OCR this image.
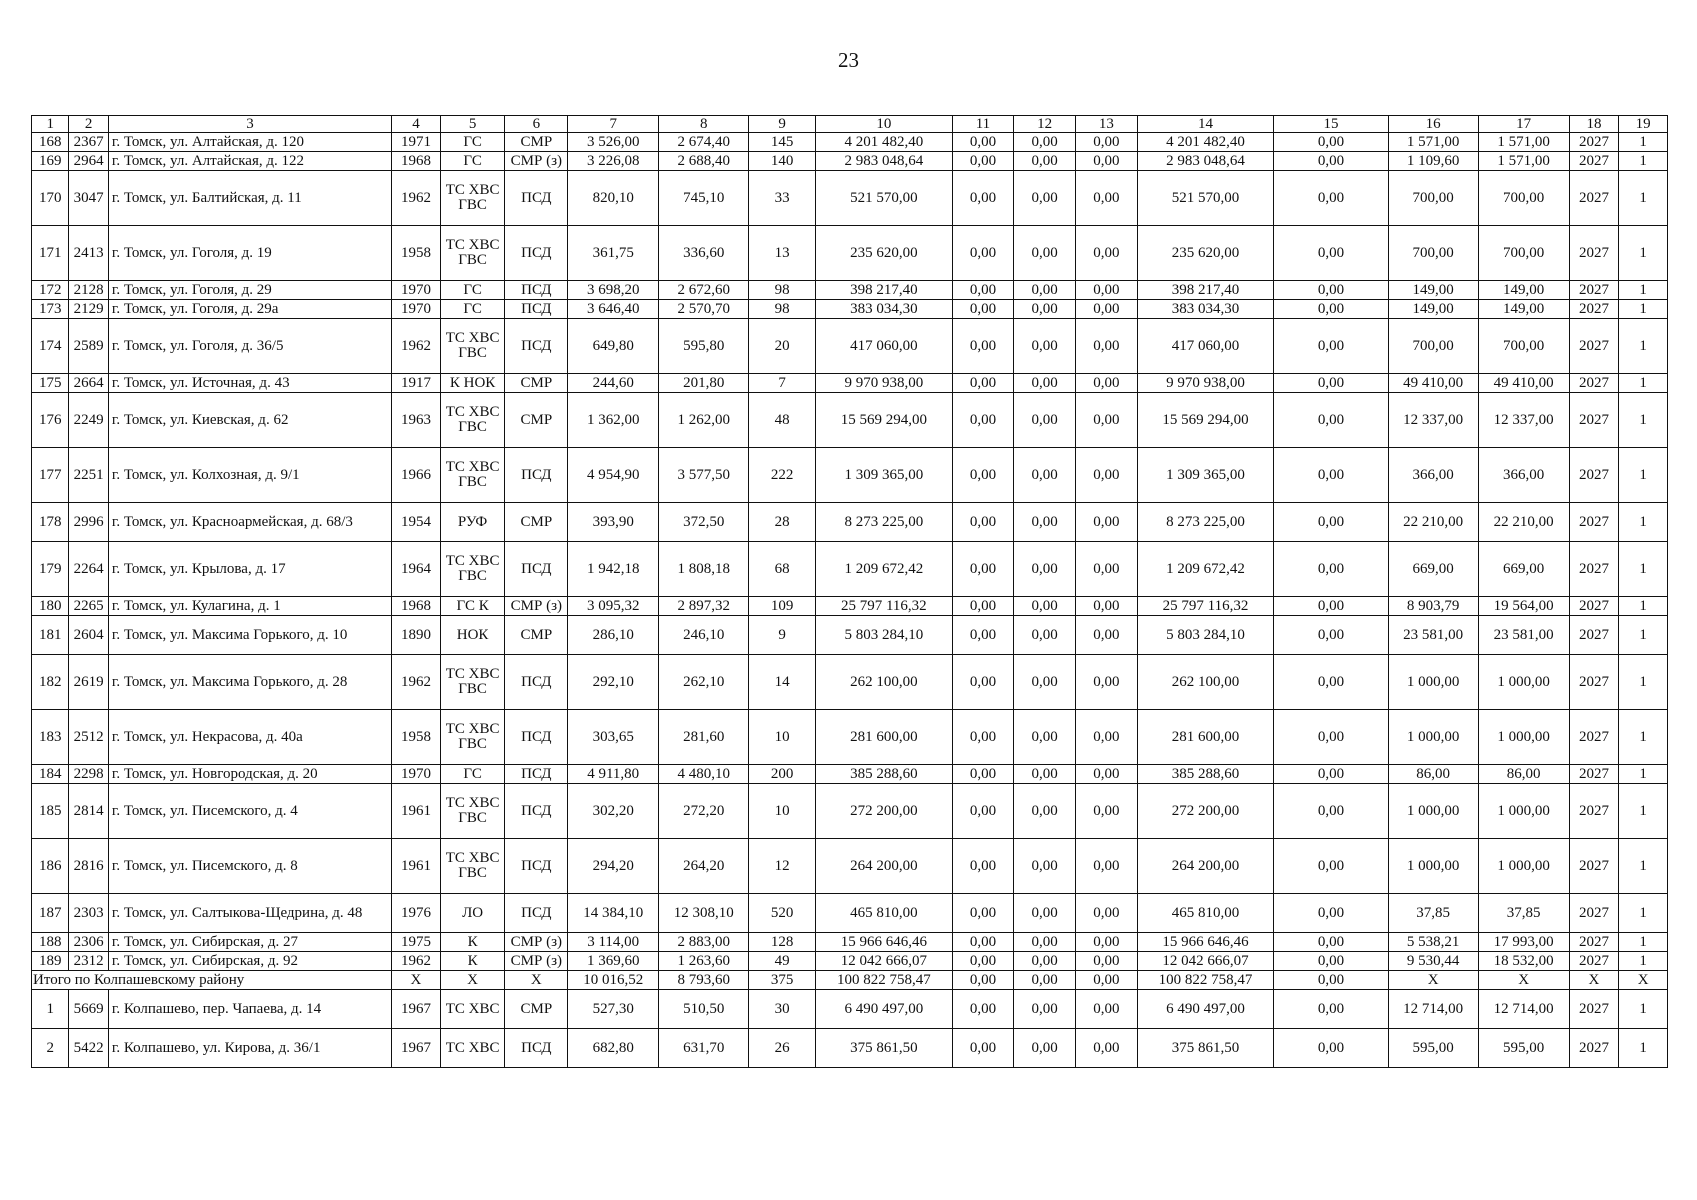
23
1	2	3	4	5	6	7	8	9	10	11	12	13	14	15	16	17	18	19
168	2367	г. Томск, ул. Алтайская, д. 120	1971	ГС	СМР	3 526,00	2 674,40	145	4 201 482,40	0,00	0,00	0,00	4 201 482,40	0,00	1 571,00	1 571,00	2027	1
169	2964	г. Томск, ул. Алтайская, д. 122	1968	ГС	СМР (з)	3 226,08	2 688,40	140	2 983 048,64	0,00	0,00	0,00	2 983 048,64	0,00	1 109,60	1 571,00	2027	1
170	3047	г. Томск, ул. Балтийская, д. 11	1962	ТС ХВС ГВС	ПСД	820,10	745,10	33	521 570,00	0,00	0,00	0,00	521 570,00	0,00	700,00	700,00	2027	1
171	2413	г. Томск, ул. Гоголя, д. 19	1958	ТС ХВС ГВС	ПСД	361,75	336,60	13	235 620,00	0,00	0,00	0,00	235 620,00	0,00	700,00	700,00	2027	1
172	2128	г. Томск, ул. Гоголя, д. 29	1970	ГС	ПСД	3 698,20	2 672,60	98	398 217,40	0,00	0,00	0,00	398 217,40	0,00	149,00	149,00	2027	1
173	2129	г. Томск, ул. Гоголя, д. 29а	1970	ГС	ПСД	3 646,40	2 570,70	98	383 034,30	0,00	0,00	0,00	383 034,30	0,00	149,00	149,00	2027	1
174	2589	г. Томск, ул. Гоголя, д. 36/5	1962	ТС ХВС ГВС	ПСД	649,80	595,80	20	417 060,00	0,00	0,00	0,00	417 060,00	0,00	700,00	700,00	2027	1
175	2664	г. Томск, ул. Источная, д. 43	1917	К НОК	СМР	244,60	201,80	7	9 970 938,00	0,00	0,00	0,00	9 970 938,00	0,00	49 410,00	49 410,00	2027	1
176	2249	г. Томск, ул. Киевская, д. 62	1963	ТС ХВС ГВС	СМР	1 362,00	1 262,00	48	15 569 294,00	0,00	0,00	0,00	15 569 294,00	0,00	12 337,00	12 337,00	2027	1
177	2251	г. Томск, ул. Колхозная, д. 9/1	1966	ТС ХВС ГВС	ПСД	4 954,90	3 577,50	222	1 309 365,00	0,00	0,00	0,00	1 309 365,00	0,00	366,00	366,00	2027	1
178	2996	г. Томск, ул. Красноармейская, д. 68/3	1954	РУФ	СМР	393,90	372,50	28	8 273 225,00	0,00	0,00	0,00	8 273 225,00	0,00	22 210,00	22 210,00	2027	1
179	2264	г. Томск, ул. Крылова, д. 17	1964	ТС ХВС ГВС	ПСД	1 942,18	1 808,18	68	1 209 672,42	0,00	0,00	0,00	1 209 672,42	0,00	669,00	669,00	2027	1
180	2265	г. Томск, ул. Кулагина, д. 1	1968	ГС К	СМР (з)	3 095,32	2 897,32	109	25 797 116,32	0,00	0,00	0,00	25 797 116,32	0,00	8 903,79	19 564,00	2027	1
181	2604	г. Томск, ул. Максима Горького, д. 10	1890	НОК	СМР	286,10	246,10	9	5 803 284,10	0,00	0,00	0,00	5 803 284,10	0,00	23 581,00	23 581,00	2027	1
182	2619	г. Томск, ул. Максима Горького, д. 28	1962	ТС ХВС ГВС	ПСД	292,10	262,10	14	262 100,00	0,00	0,00	0,00	262 100,00	0,00	1 000,00	1 000,00	2027	1
183	2512	г. Томск, ул. Некрасова, д. 40а	1958	ТС ХВС ГВС	ПСД	303,65	281,60	10	281 600,00	0,00	0,00	0,00	281 600,00	0,00	1 000,00	1 000,00	2027	1
184	2298	г. Томск, ул. Новгородская, д. 20	1970	ГС	ПСД	4 911,80	4 480,10	200	385 288,60	0,00	0,00	0,00	385 288,60	0,00	86,00	86,00	2027	1
185	2814	г. Томск, ул. Писемского, д. 4	1961	ТС ХВС ГВС	ПСД	302,20	272,20	10	272 200,00	0,00	0,00	0,00	272 200,00	0,00	1 000,00	1 000,00	2027	1
186	2816	г. Томск, ул. Писемского, д. 8	1961	ТС ХВС ГВС	ПСД	294,20	264,20	12	264 200,00	0,00	0,00	0,00	264 200,00	0,00	1 000,00	1 000,00	2027	1
187	2303	г. Томск, ул. Салтыкова-Щедрина, д. 48	1976	ЛО	ПСД	14 384,10	12 308,10	520	465 810,00	0,00	0,00	0,00	465 810,00	0,00	37,85	37,85	2027	1
188	2306	г. Томск, ул. Сибирская, д. 27	1975	К	СМР (з)	3 114,00	2 883,00	128	15 966 646,46	0,00	0,00	0,00	15 966 646,46	0,00	5 538,21	17 993,00	2027	1
189	2312	г. Томск, ул. Сибирская, д. 92	1962	К	СМР (з)	1 369,60	1 263,60	49	12 042 666,07	0,00	0,00	0,00	12 042 666,07	0,00	9 530,44	18 532,00	2027	1
Итого по Колпашевскому району			X	X	X	10 016,52	8 793,60	375	100 822 758,47	0,00	0,00	0,00	100 822 758,47	0,00	X	X	X	X
1	5669	г. Колпашево, пер. Чапаева, д. 14	1967	ТС ХВС	СМР	527,30	510,50	30	6 490 497,00	0,00	0,00	0,00	6 490 497,00	0,00	12 714,00	12 714,00	2027	1
2	5422	г. Колпашево, ул. Кирова, д. 36/1	1967	ТС ХВС	ПСД	682,80	631,70	26	375 861,50	0,00	0,00	0,00	375 861,50	0,00	595,00	595,00	2027	1
